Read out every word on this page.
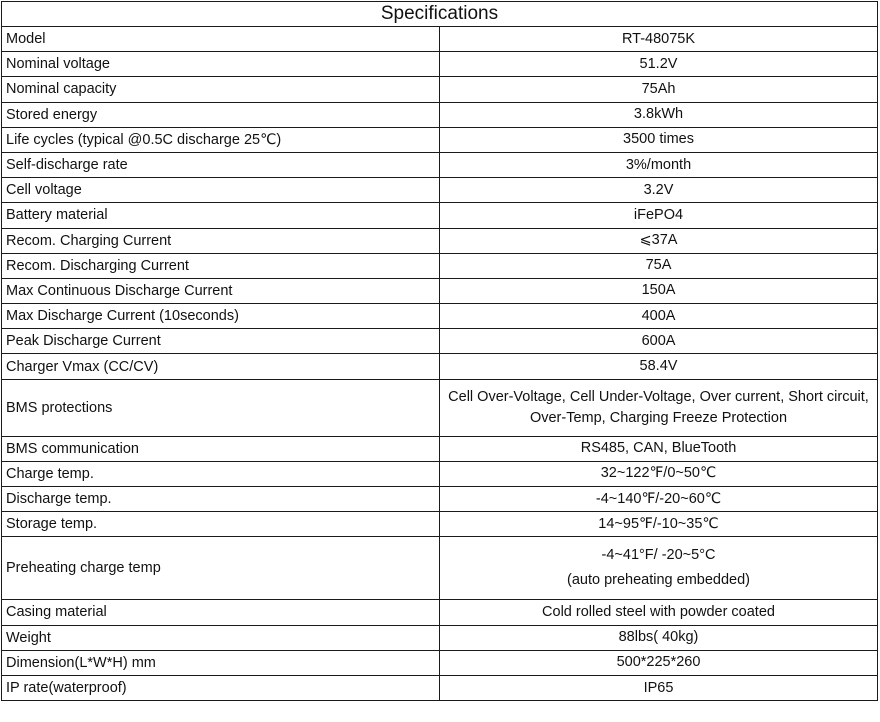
Specifications	
Model	RT-48075K

Nominal voltage	51.2V

Nominal capacity	75Ah

Stored energy	3.8kWh

Life cycles (typical @0.5C discharge 25℃)	3500 times

Self-discharge rate	3%/month

Cell voltage	3.2V

Battery material	iFePO4

Recom. Charging Current	⩽37A

Recom. Discharging Current	75A

Max Continuous Discharge Current	150A

Max Discharge Current (10seconds)	400A

Peak Discharge Current	600A

Charger Vmax (CC/CV)	58.4V

BMS protections	Cell Over-Voltage, Cell Under-Voltage, Over current, Short circuit,
Over-Temp, Charging Freeze Protection

BMS communication	RS485, CAN, BlueTooth

Charge temp.	32~122℉/0~50℃

Discharge temp.	-4~140℉/-20~60℃

Storage temp.	14~95℉/-10~35℃

Preheating charge temp	-4~41°F/ -20~5°C
(auto preheating embedded)

Casing material	Cold rolled steel with powder coated

Weight	88lbs( 40kg)

Dimension(L*W*H) mm	500*225*260

IP rate(waterproof)	IP65
